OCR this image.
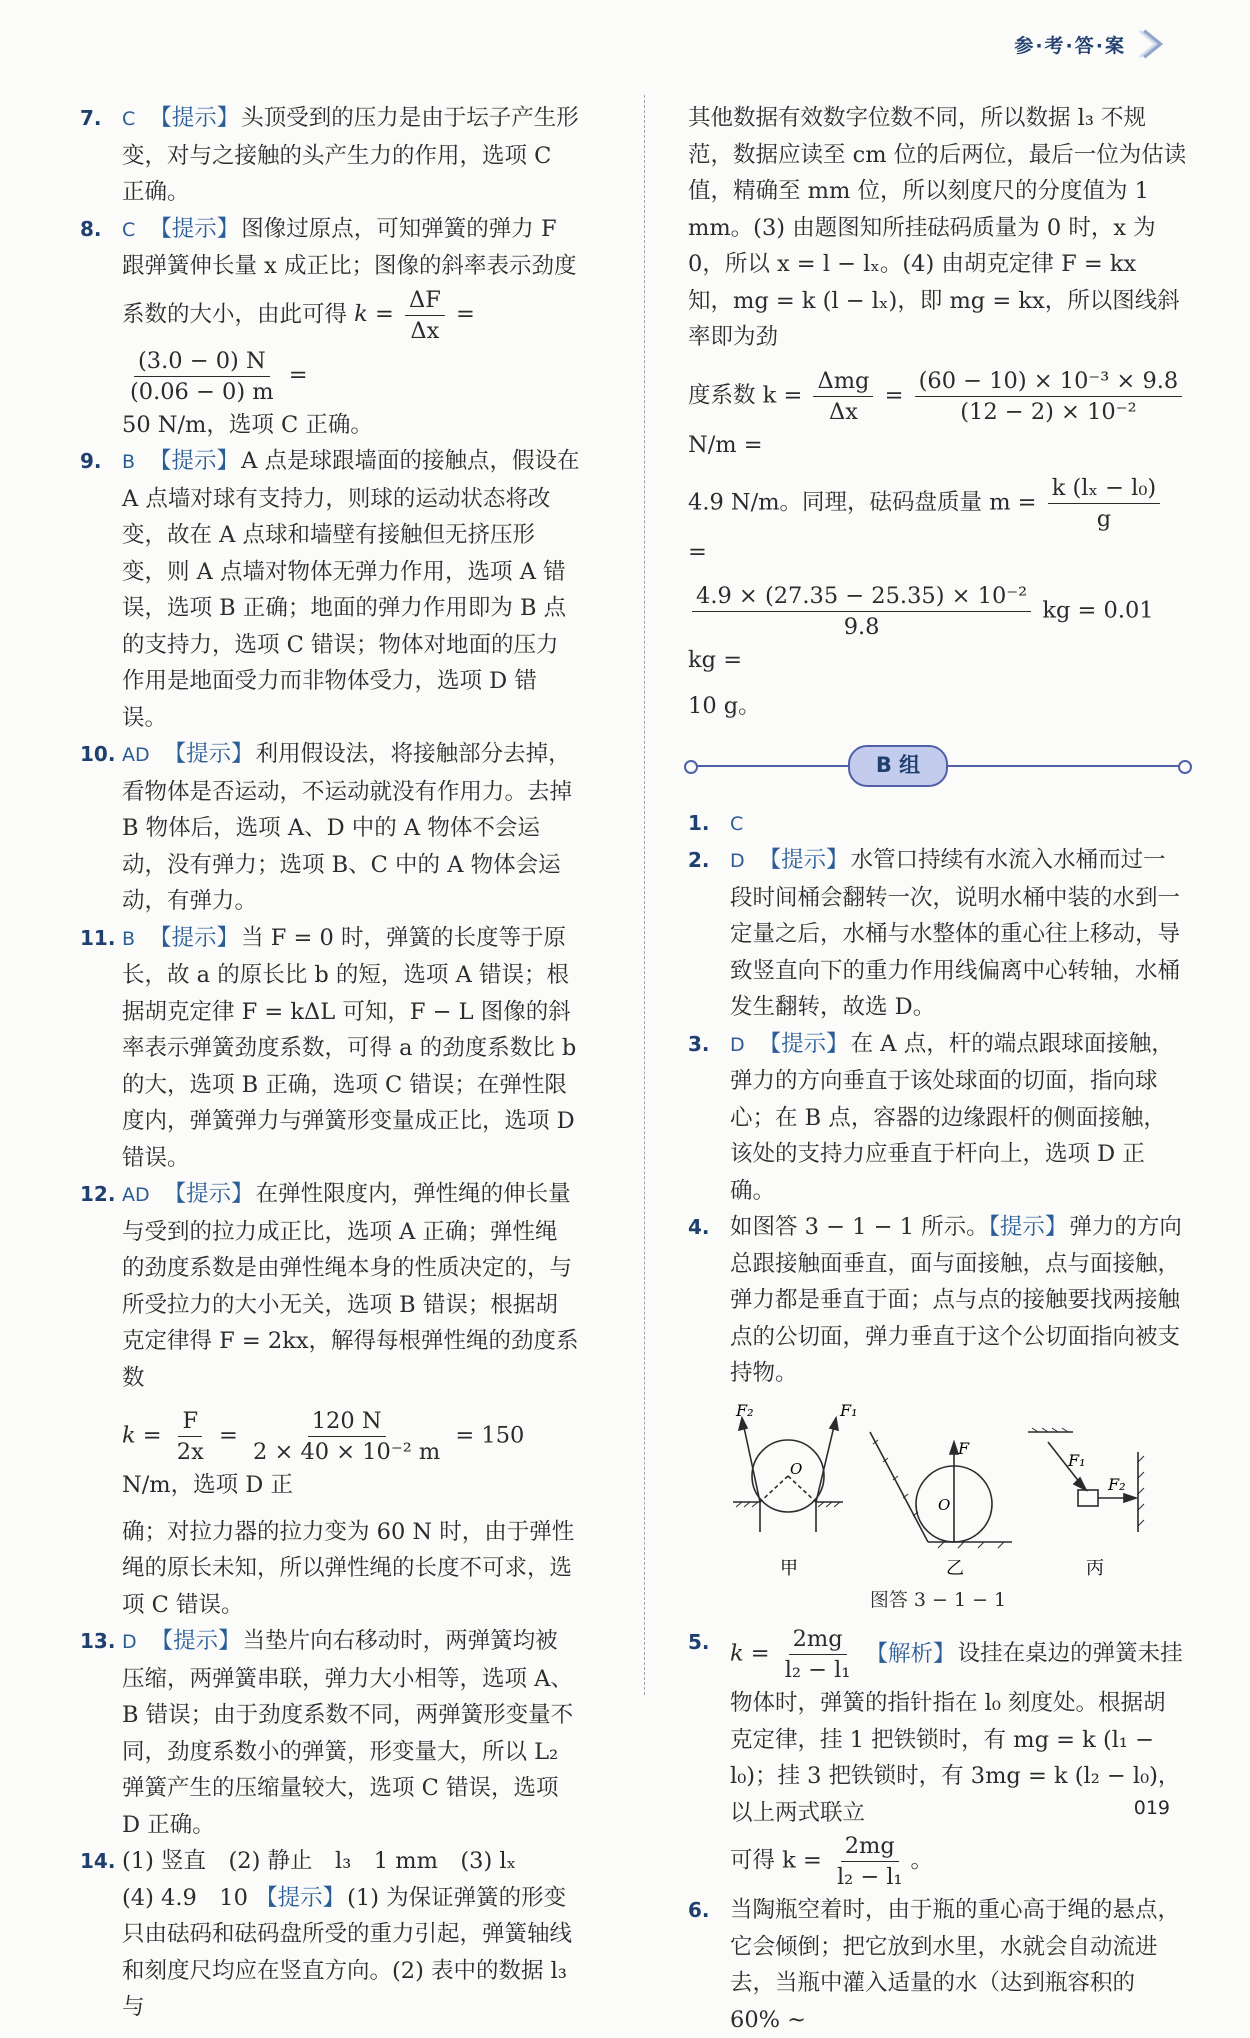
参·考·答·案
7. C 【提示】头顶受到的压力是由于坛子产生形变，对与之接触的头产生力的作用，选项 C 正确。
8. C 【提示】图像过原点，可知弹簧的弹力 F 跟弹簧伸长量 x 成正比；图像的斜率表示劲度系数的大小，由此可得 $k = \frac{\Delta F}{\Delta x}$ =
$\frac{(3.0 - 0) N}{(0.06 - 0) m}$ =
50 N/m，选项 C 正确。
9. B 【提示】A 点是球跟墙面的接触点，假设在 A 点墙对球有支持力，则球的运动状态将改变，故在 A 点球和墙壁有接触但无挤压形变，则 A 点墙对物体无弹力作用，选项 A 错误，选项 B 正确；地面的弹力作用即为 B 点的支持力，选项 C 错误；物体对地面的压力作用是地面受力而非物体受力，选项 D 错误。
10. AD 【提示】利用假设法，将接触部分去掉，看物体是否运动，不运动就没有作用力。去掉 B 物体后，选项 A、D 中的 A 物体不会运动，没有弹力；选项 B、C 中的 A 物体会运动，有弹力。
11. B 【提示】当 F = 0 时，弹簧的长度等于原长，故 a 的原长比 b 的短，选项 A 错误；根据胡克定律 F = kΔL 可知，F − L 图像的斜率表示弹簧劲度系数，可得 a 的劲度系数比 b 的大，选项 B 正确，选项 C 错误；在弹性限度内，弹簧弹力与弹簧形变量成正比，选项 D 错误。
12. AD 【提示】在弹性限度内，弹性绳的伸长量与受到的拉力成正比，选项 A 正确；弹性绳的劲度系数是由弹性绳本身的性质决定的，与所受拉力的大小无关，选项 B 错误；根据胡克定律得 F = 2kx，解得每根弹性绳的劲度系数
$k = \frac{F}{2x} = \frac{120 N}{\text{2 × 40 × 10⁻² m}} = 150$ N/m，选项 D 正
确；对拉力器的拉力变为 60 N 时，由于弹性绳的原长未知，所以弹性绳的长度不可求，选项 C 错误。
13. D 【提示】当垫片向右移动时，两弹簧均被压缩，两弹簧串联，弹力大小相等，选项 A、B 错误；由于劲度系数不同，两弹簧形变量不同，劲度系数小的弹簧，形变量大，所以 L₂ 弹簧产生的压缩量较大，选项 C 错误，选项 D 正确。
14. (1) 竖直　(2) 静止　l₃　1 mm　(3) lₓ
(4) 4.9　10 【提示】(1) 为保证弹簧的形变只由砝码和砝码盘所受的重力引起，弹簧轴线和刻度尺均应在竖直方向。(2) 表中的数据 l₃ 与
其他数据有效数字位数不同，所以数据 l₃ 不规范，数据应读至 cm 位的后两位，最后一位为估读值，精确至 mm 位，所以刻度尺的分度值为 1 mm。(3) 由题图知所挂砝码质量为 0 时，x 为 0，所以 x = l − lₓ。(4) 由胡克定律 F = kx 知，mg = k (l − lₓ)，即 mg = kx，所以图线斜率即为劲
度系数 $k = \frac{\text{Δmg}}{\Delta x} = \frac{\text{(60 − 10) × 10⁻³ × 9.8}}{\text{(12 − 2) × 10⁻²}}$
N/m =
4.9 N/m。同理，砝码盘质量 $m = \frac{\text{k (lₓ − l₀)}}{g}$
=
$\frac{\text{4.9 × (27.35 − 25.35) × 10⁻²}}{9.8}$ kg = 0.01 kg =
10 g。
B 组
1. C
2. D 【提示】水管口持续有水流入水桶而过一段时间桶会翻转一次，说明水桶中装的水到一定量之后，水桶与水整体的重心往上移动，导致竖直向下的重力作用线偏离中心转轴，水桶发生翻转，故选 D。
3. D 【提示】在 A 点，杆的端点跟球面接触，弹力的方向垂直于该处球面的切面，指向球心；在 B 点，容器的边缘跟杆的侧面接触，该处的支持力应垂直于杆向上，选项 D 正确。
4. 如图答 3 − 1 − 1 所示。【提示】弹力的方向总跟接触面垂直，面与面接触，点与面接触，弹力都是垂直于面；点与点的接触要找两接触点的公切面，弹力垂直于这个公切面指向被支持物。
F₂	F₁
O
F
O
F₁
F₂
甲	乙	丙

图答 3 − 1 − 1

5. $k = \frac{2mg}{\text{l₂ − l₁}}$ 【解析】设挂在桌边的弹簧未挂物体时，弹簧的指针指在 l₀ 刻度处。根据胡克定律，挂 1 把铁锁时，有 mg = k (l₁ − l₀)；挂 3 把铁锁时，有 3mg = k (l₂ − l₀)，以上两式联立
可得 $k = \frac{2mg}{\text{l₂ − l₁}}$ 。
6. 当陶瓶空着时，由于瓶的重心高于绳的悬点，它会倾倒；把它放到水里，水就会自动流进去，当瓶中灌入适量的水（达到瓶容积的 60% ~
019
